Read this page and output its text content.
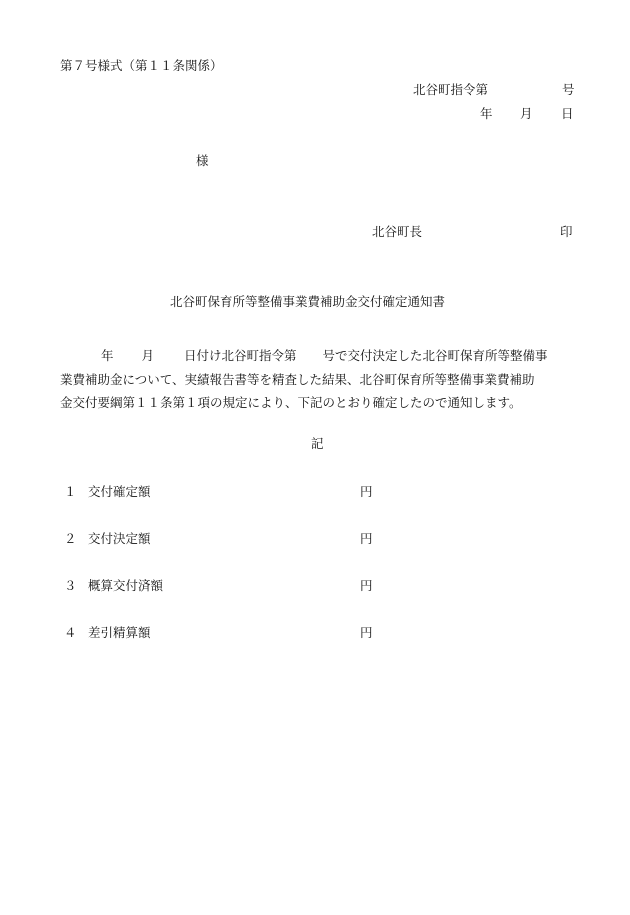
第７号様式（第１１条関係）
北谷町指令第	号
年 月 日
様
北谷町長	印
北谷町保育所等整備事業費補助金交付確定通知書
年 月 日付け北谷町指令第 号で交付決定した北谷町保育所等整備事
業費補助金について、実績報告書等を精査した結果、北谷町保育所等整備事業費補助
金交付要綱第１１条第１項の規定により、下記のとおり確定したので通知します。
記
１ 交付確定額	円
２ 交付決定額	円
３ 概算交付済額	円
４ 差引精算額	円
